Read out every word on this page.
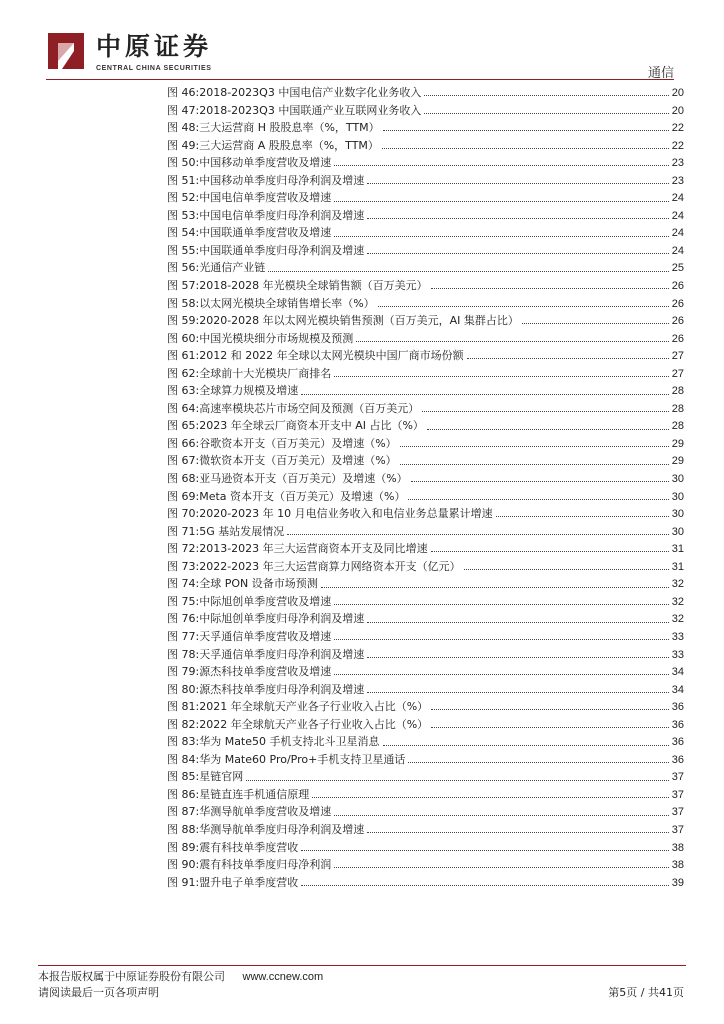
中原证券
CENTRAL CHINA SECURITIES	通信
图 46: 2018-2023Q3 中国电信产业数字化业务收入	20
图 47: 2018-2023Q3 中国联通产业互联网业务收入	20
图 48: 三大运营商 H 股股息率（%，TTM）	22
图 49: 三大运营商 A 股股息率（%，TTM）	22
图 50: 中国移动单季度营收及增速	23
图 51: 中国移动单季度归母净利润及增速	23
图 52: 中国电信单季度营收及增速	24
图 53: 中国电信单季度归母净利润及增速	24
图 54: 中国联通单季度营收及增速	24
图 55: 中国联通单季度归母净利润及增速	24
图 56: 光通信产业链	25
图 57: 2018-2028 年光模块全球销售额（百万美元）	26
图 58: 以太网光模块全球销售增长率（%）	26
图 59: 2020-2028 年以太网光模块销售预测（百万美元，AI 集群占比）	26
图 60: 中国光模块细分市场规模及预测	26
图 61: 2012 和 2022 年全球以太网光模块中国厂商市场份额	27
图 62: 全球前十大光模块厂商排名	27
图 63: 全球算力规模及增速	28
图 64: 高速率模块芯片市场空间及预测（百万美元）	28
图 65: 2023 年全球云厂商资本开支中 AI 占比（%）	28
图 66: 谷歌资本开支（百万美元）及增速（%）	29
图 67: 微软资本开支（百万美元）及增速（%）	29
图 68: 亚马逊资本开支（百万美元）及增速（%）	30
图 69: Meta 资本开支（百万美元）及增速（%）	30
图 70: 2020-2023 年 10 月电信业务收入和电信业务总量累计增速	30
图 71: 5G 基站发展情况	30
图 72: 2013-2023 年三大运营商资本开支及同比增速	31
图 73: 2022-2023 年三大运营商算力网络资本开支（亿元）	31
图 74: 全球 PON 设备市场预测	32
图 75: 中际旭创单季度营收及增速	32
图 76: 中际旭创单季度归母净利润及增速	32
图 77: 天孚通信单季度营收及增速	33
图 78: 天孚通信单季度归母净利润及增速	33
图 79: 源杰科技单季度营收及增速	34
图 80: 源杰科技单季度归母净利润及增速	34
图 81: 2021 年全球航天产业各子行业收入占比（%）	36
图 82: 2022 年全球航天产业各子行业收入占比（%）	36
图 83: 华为 Mate50 手机支持北斗卫星消息	36
图 84: 华为 Mate60 Pro/Pro+手机支持卫星通话	36
图 85: 星链官网	37
图 86: 星链直连手机通信原理	37
图 87: 华测导航单季度营收及增速	37
图 88: 华测导航单季度归母净利润及增速	37
图 89: 震有科技单季度营收	38
图 90: 震有科技单季度归母净利润	38
图 91: 盟升电子单季度营收	39
本报告版权属于中原证券股份有限公司 www.ccnew.com
请阅读最后一页各项声明	第5页 / 共41页
